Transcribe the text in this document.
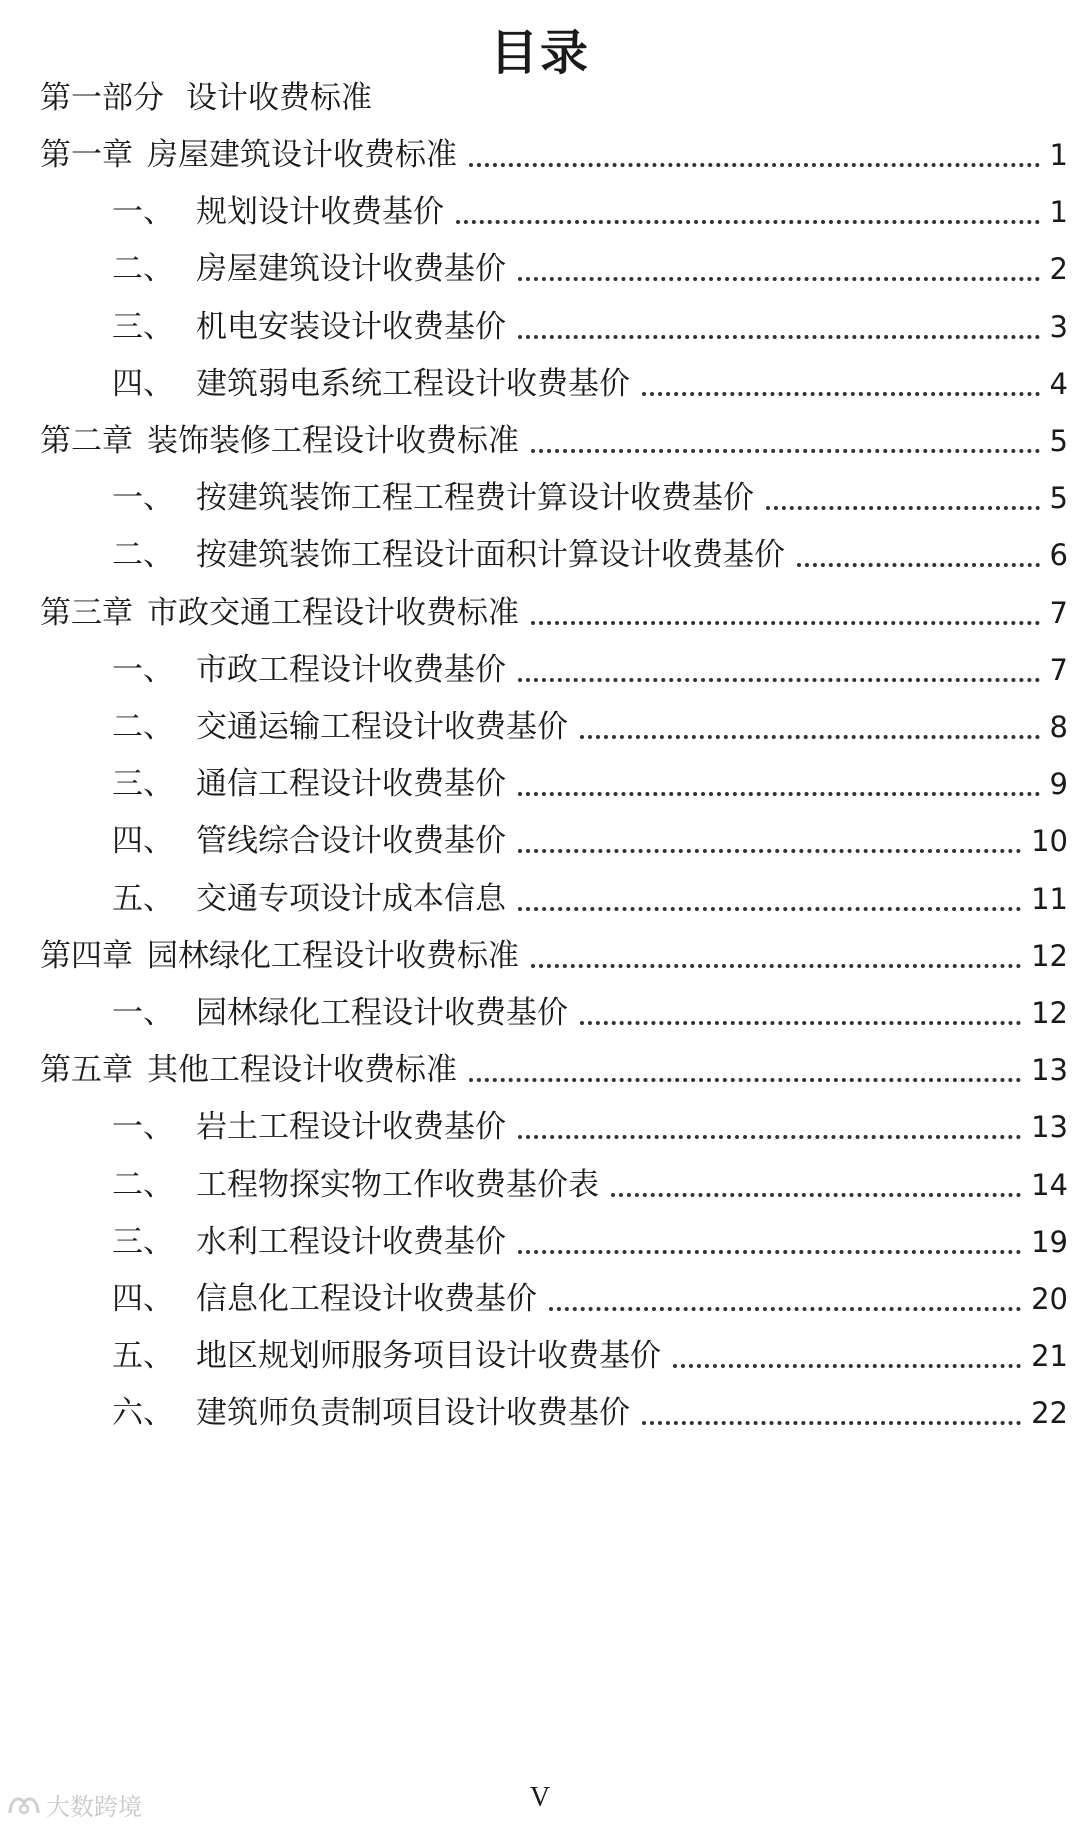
目录
第一部分 设计收费标准
第一章 房屋建筑设计收费标准	1
一、 规划设计收费基价	1
二、 房屋建筑设计收费基价	2
三、 机电安装设计收费基价	3
四、 建筑弱电系统工程设计收费基价	4
第二章 装饰装修工程设计收费标准	5
一、 按建筑装饰工程工程费计算设计收费基价	5
二、 按建筑装饰工程设计面积计算设计收费基价	6
第三章 市政交通工程设计收费标准	7
一、 市政工程设计收费基价	7
二、 交通运输工程设计收费基价	8
三、 通信工程设计收费基价	9
四、 管线综合设计收费基价	10
五、 交通专项设计成本信息	11
第四章 园林绿化工程设计收费标准	12
一、 园林绿化工程设计收费基价	12
第五章 其他工程设计收费标准	13
一、 岩土工程设计收费基价	13
二、 工程物探实物工作收费基价表	14
三、 水利工程设计收费基价	19
四、 信息化工程设计收费基价	20
五、 地区规划师服务项目设计收费基价	21
六、 建筑师负责制项目设计收费基价	22
V
大数跨境
